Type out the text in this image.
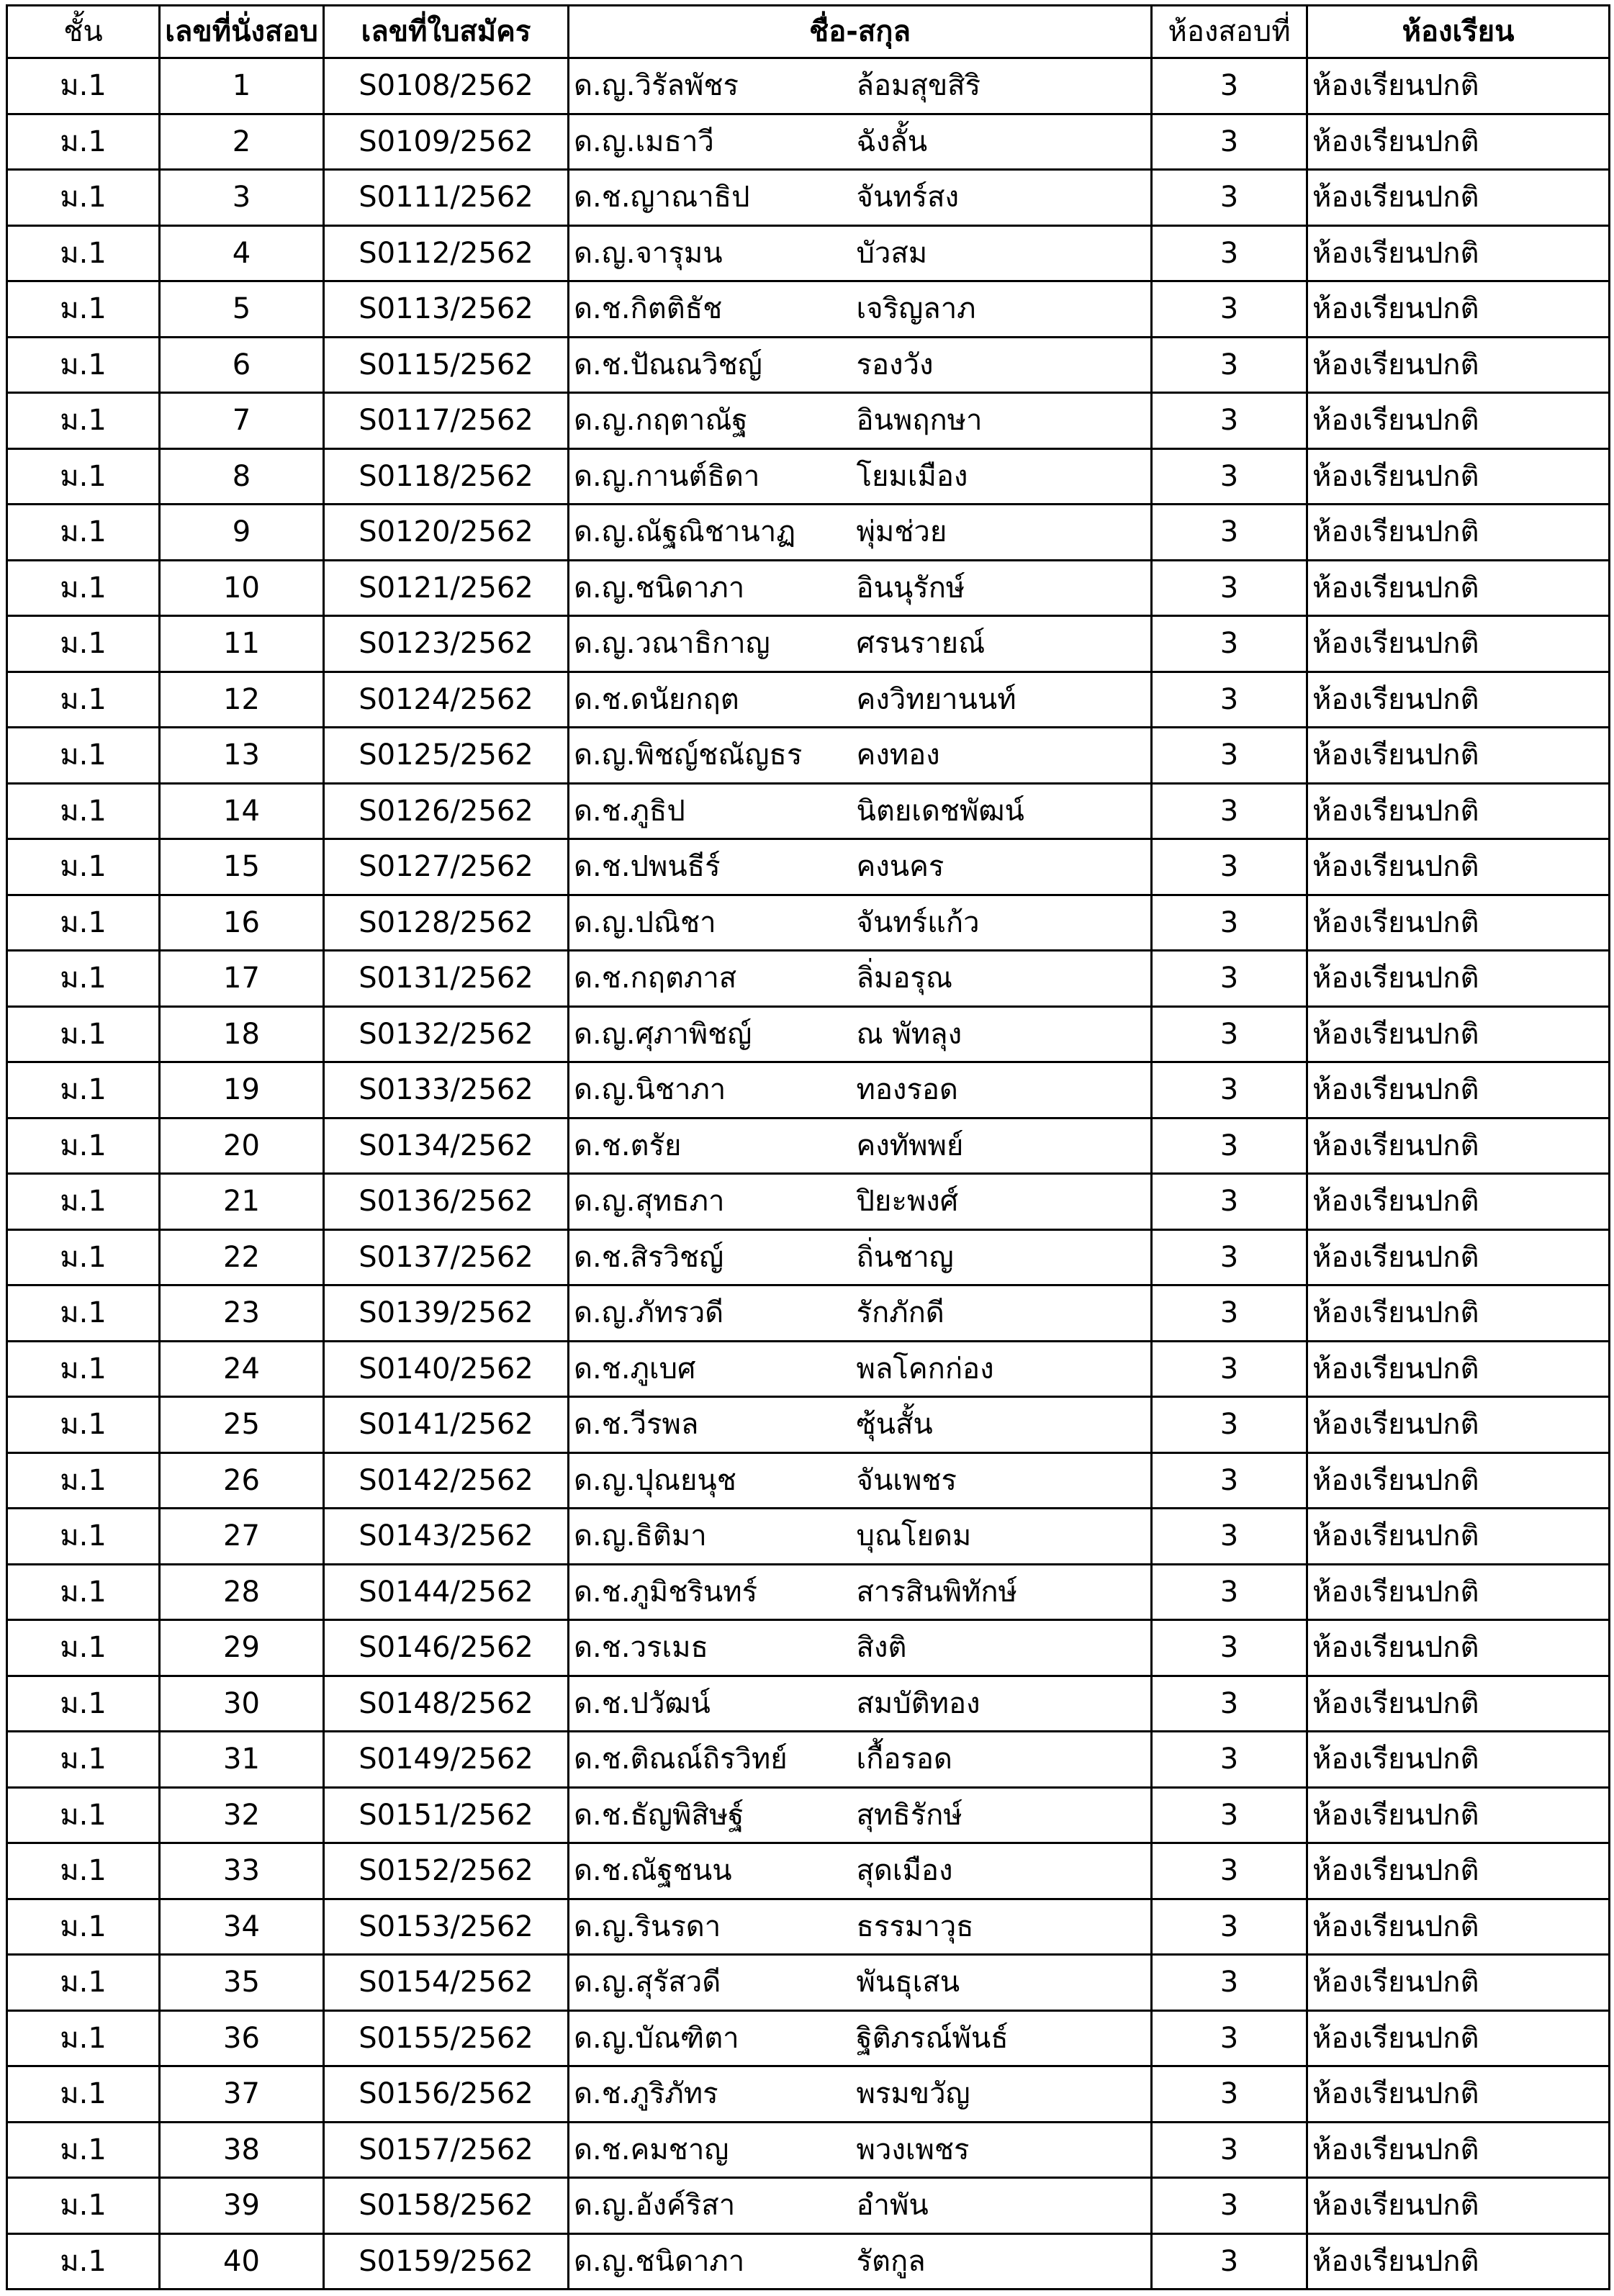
ชั้น	เลขที่นั่งสอบ	เลขที่ใบสมัคร	ชื่อ-สกุล		ห้องสอบที่	ห้องเรียน
ม.1	1	S0108/2562	ด.ญ.วิรัลพัชร	ล้อมสุขสิริ	3	ห้องเรียนปกติ
ม.1	2	S0109/2562	ด.ญ.เมธาวี	ฉังลั้น	3	ห้องเรียนปกติ
ม.1	3	S0111/2562	ด.ช.ญาณาธิป	จันทร์สง	3	ห้องเรียนปกติ
ม.1	4	S0112/2562	ด.ญ.จารุมน	บัวสม	3	ห้องเรียนปกติ
ม.1	5	S0113/2562	ด.ช.กิตติธัช	เจริญลาภ	3	ห้องเรียนปกติ
ม.1	6	S0115/2562	ด.ช.ปัณณวิชญ์	รองวัง	3	ห้องเรียนปกติ
ม.1	7	S0117/2562	ด.ญ.กฤตาณัฐ	อินพฤกษา	3	ห้องเรียนปกติ
ม.1	8	S0118/2562	ด.ญ.กานต์ธิดา	โยมเมือง	3	ห้องเรียนปกติ
ม.1	9	S0120/2562	ด.ญ.ณัฐณิชานาฏ	พุ่มช่วย	3	ห้องเรียนปกติ
ม.1	10	S0121/2562	ด.ญ.ชนิดาภา	อินนุรักษ์	3	ห้องเรียนปกติ
ม.1	11	S0123/2562	ด.ญ.วณาธิกาญ	ศรนรายณ์	3	ห้องเรียนปกติ
ม.1	12	S0124/2562	ด.ช.ดนัยกฤต	คงวิทยานนท์	3	ห้องเรียนปกติ
ม.1	13	S0125/2562	ด.ญ.พิชญ์ชณัญธร	คงทอง	3	ห้องเรียนปกติ
ม.1	14	S0126/2562	ด.ช.ภูธิป	นิตยเดชพัฒน์	3	ห้องเรียนปกติ
ม.1	15	S0127/2562	ด.ช.ปพนธีร์	คงนคร	3	ห้องเรียนปกติ
ม.1	16	S0128/2562	ด.ญ.ปณิชา	จันทร์แก้ว	3	ห้องเรียนปกติ
ม.1	17	S0131/2562	ด.ช.กฤตภาส	ลิ่มอรุณ	3	ห้องเรียนปกติ
ม.1	18	S0132/2562	ด.ญ.ศุภาพิชญ์	ณ พัทลุง	3	ห้องเรียนปกติ
ม.1	19	S0133/2562	ด.ญ.นิชาภา	ทองรอด	3	ห้องเรียนปกติ
ม.1	20	S0134/2562	ด.ช.ตรัย	คงทัพพย์	3	ห้องเรียนปกติ
ม.1	21	S0136/2562	ด.ญ.สุทธภา	ปิยะพงศ์	3	ห้องเรียนปกติ
ม.1	22	S0137/2562	ด.ช.สิรวิชญ์	ถิ่นชาญ	3	ห้องเรียนปกติ
ม.1	23	S0139/2562	ด.ญ.ภัทรวดี	รักภักดี	3	ห้องเรียนปกติ
ม.1	24	S0140/2562	ด.ช.ภูเบศ	พลโคกก่อง	3	ห้องเรียนปกติ
ม.1	25	S0141/2562	ด.ช.วีรพล	ซุ้นสั้น	3	ห้องเรียนปกติ
ม.1	26	S0142/2562	ด.ญ.ปุณยนุช	จันเพชร	3	ห้องเรียนปกติ
ม.1	27	S0143/2562	ด.ญ.ธิติมา	บุณโยดม	3	ห้องเรียนปกติ
ม.1	28	S0144/2562	ด.ช.ภูมิชรินทร์	สารสินพิทักษ์	3	ห้องเรียนปกติ
ม.1	29	S0146/2562	ด.ช.วรเมธ	สิงติ	3	ห้องเรียนปกติ
ม.1	30	S0148/2562	ด.ช.ปวัฒน์	สมบัติทอง	3	ห้องเรียนปกติ
ม.1	31	S0149/2562	ด.ช.ติณณ์ถิรวิทย์	เกื้อรอด	3	ห้องเรียนปกติ
ม.1	32	S0151/2562	ด.ช.ธัญพิสิษฐ์	สุทธิรักษ์	3	ห้องเรียนปกติ
ม.1	33	S0152/2562	ด.ช.ณัฐชนน	สุดเมือง	3	ห้องเรียนปกติ
ม.1	34	S0153/2562	ด.ญ.รินรดา	ธรรมาวุธ	3	ห้องเรียนปกติ
ม.1	35	S0154/2562	ด.ญ.สุรัสวดี	พันธุเสน	3	ห้องเรียนปกติ
ม.1	36	S0155/2562	ด.ญ.บัณฑิตา	ฐิติภรณ์พันธ์	3	ห้องเรียนปกติ
ม.1	37	S0156/2562	ด.ช.ภูริภัทร	พรมขวัญ	3	ห้องเรียนปกติ
ม.1	38	S0157/2562	ด.ช.คมชาญ	พวงเพชร	3	ห้องเรียนปกติ
ม.1	39	S0158/2562	ด.ญ.อังค์ริสา	อำพัน	3	ห้องเรียนปกติ
ม.1	40	S0159/2562	ด.ญ.ชนิดาภา	รัตกูล	3	ห้องเรียนปกติ
